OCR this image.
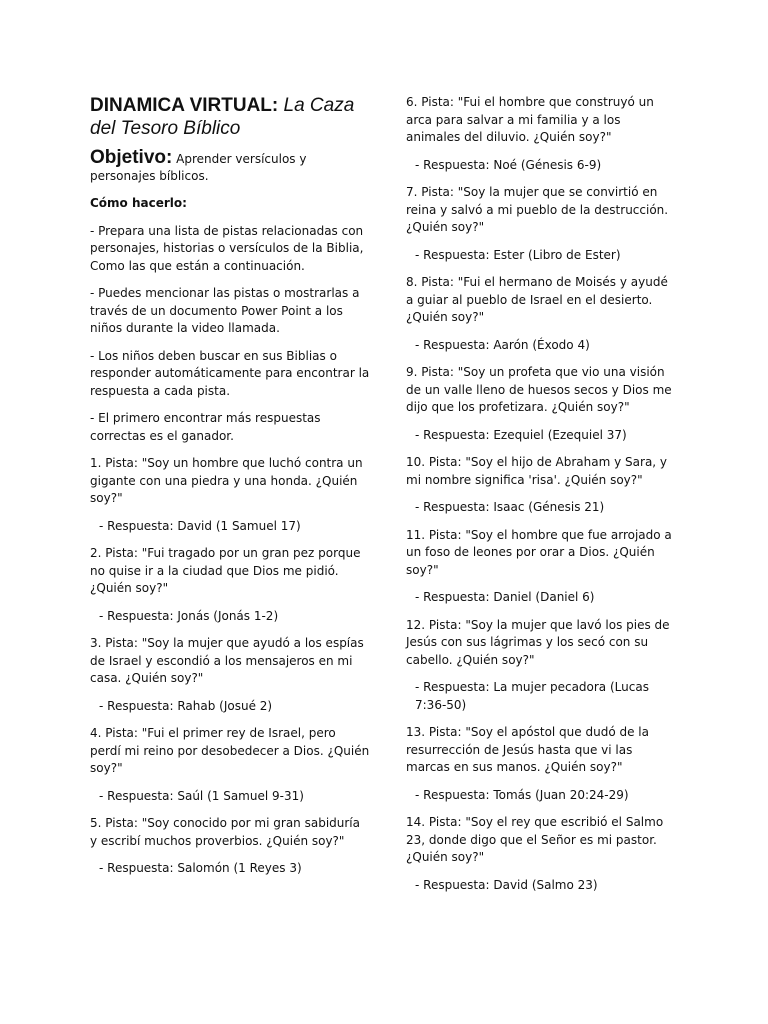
DINAMICA VIRTUAL: La Caza del Tesoro Bíblico

Objetivo: Aprender versículos y personajes bíblicos.

Cómo hacerlo:

- Prepara una lista de pistas relacionadas con personajes, historias o versículos de la Biblia, Como las que están a continuación.

- Puedes mencionar las pistas o mostrarlas a través de un documento Power Point a los niños durante la video llamada.

- Los niños deben buscar en sus Biblias o responder automáticamente para encontrar la respuesta a cada pista.

- El primero encontrar más respuestas correctas es el ganador.

1. Pista: "Soy un hombre que luchó contra un gigante con una piedra y una honda. ¿Quién soy?"

- Respuesta: David (1 Samuel 17)

2. Pista: "Fui tragado por un gran pez porque no quise ir a la ciudad que Dios me pidió. ¿Quién soy?"

- Respuesta: Jonás (Jonás 1-2)

3. Pista: "Soy la mujer que ayudó a los espías de Israel y escondió a los mensajeros en mi casa. ¿Quién soy?"

- Respuesta: Rahab (Josué 2)

4. Pista: "Fui el primer rey de Israel, pero perdí mi reino por desobedecer a Dios. ¿Quién soy?"

- Respuesta: Saúl (1 Samuel 9-31)

5. Pista: "Soy conocido por mi gran sabiduría y escribí muchos proverbios. ¿Quién soy?"

- Respuesta: Salomón (1 Reyes 3)

6. Pista: "Fui el hombre que construyó un arca para salvar a mi familia y a los animales del diluvio. ¿Quién soy?"

- Respuesta: Noé (Génesis 6-9)

7. Pista: "Soy la mujer que se convirtió en reina y salvó a mi pueblo de la destrucción. ¿Quién soy?"

- Respuesta: Ester (Libro de Ester)

8. Pista: "Fui el hermano de Moisés y ayudé a guiar al pueblo de Israel en el desierto. ¿Quién soy?"

- Respuesta: Aarón (Éxodo 4)

9. Pista: "Soy un profeta que vio una visión de un valle lleno de huesos secos y Dios me dijo que los profetizara. ¿Quién soy?"

- Respuesta: Ezequiel (Ezequiel 37)

10. Pista: "Soy el hijo de Abraham y Sara, y mi nombre significa 'risa'. ¿Quién soy?"

- Respuesta: Isaac (Génesis 21)

11. Pista: "Soy el hombre que fue arrojado a un foso de leones por orar a Dios. ¿Quién soy?"

- Respuesta: Daniel (Daniel 6)

12. Pista: "Soy la mujer que lavó los pies de Jesús con sus lágrimas y los secó con su cabello. ¿Quién soy?"

- Respuesta: La mujer pecadora (Lucas 7:36-50)

13. Pista: "Soy el apóstol que dudó de la resurrección de Jesús hasta que vi las marcas en sus manos. ¿Quién soy?"

- Respuesta: Tomás (Juan 20:24-29)

14. Pista: "Soy el rey que escribió el Salmo 23, donde digo que el Señor es mi pastor. ¿Quién soy?"

- Respuesta: David (Salmo 23)
